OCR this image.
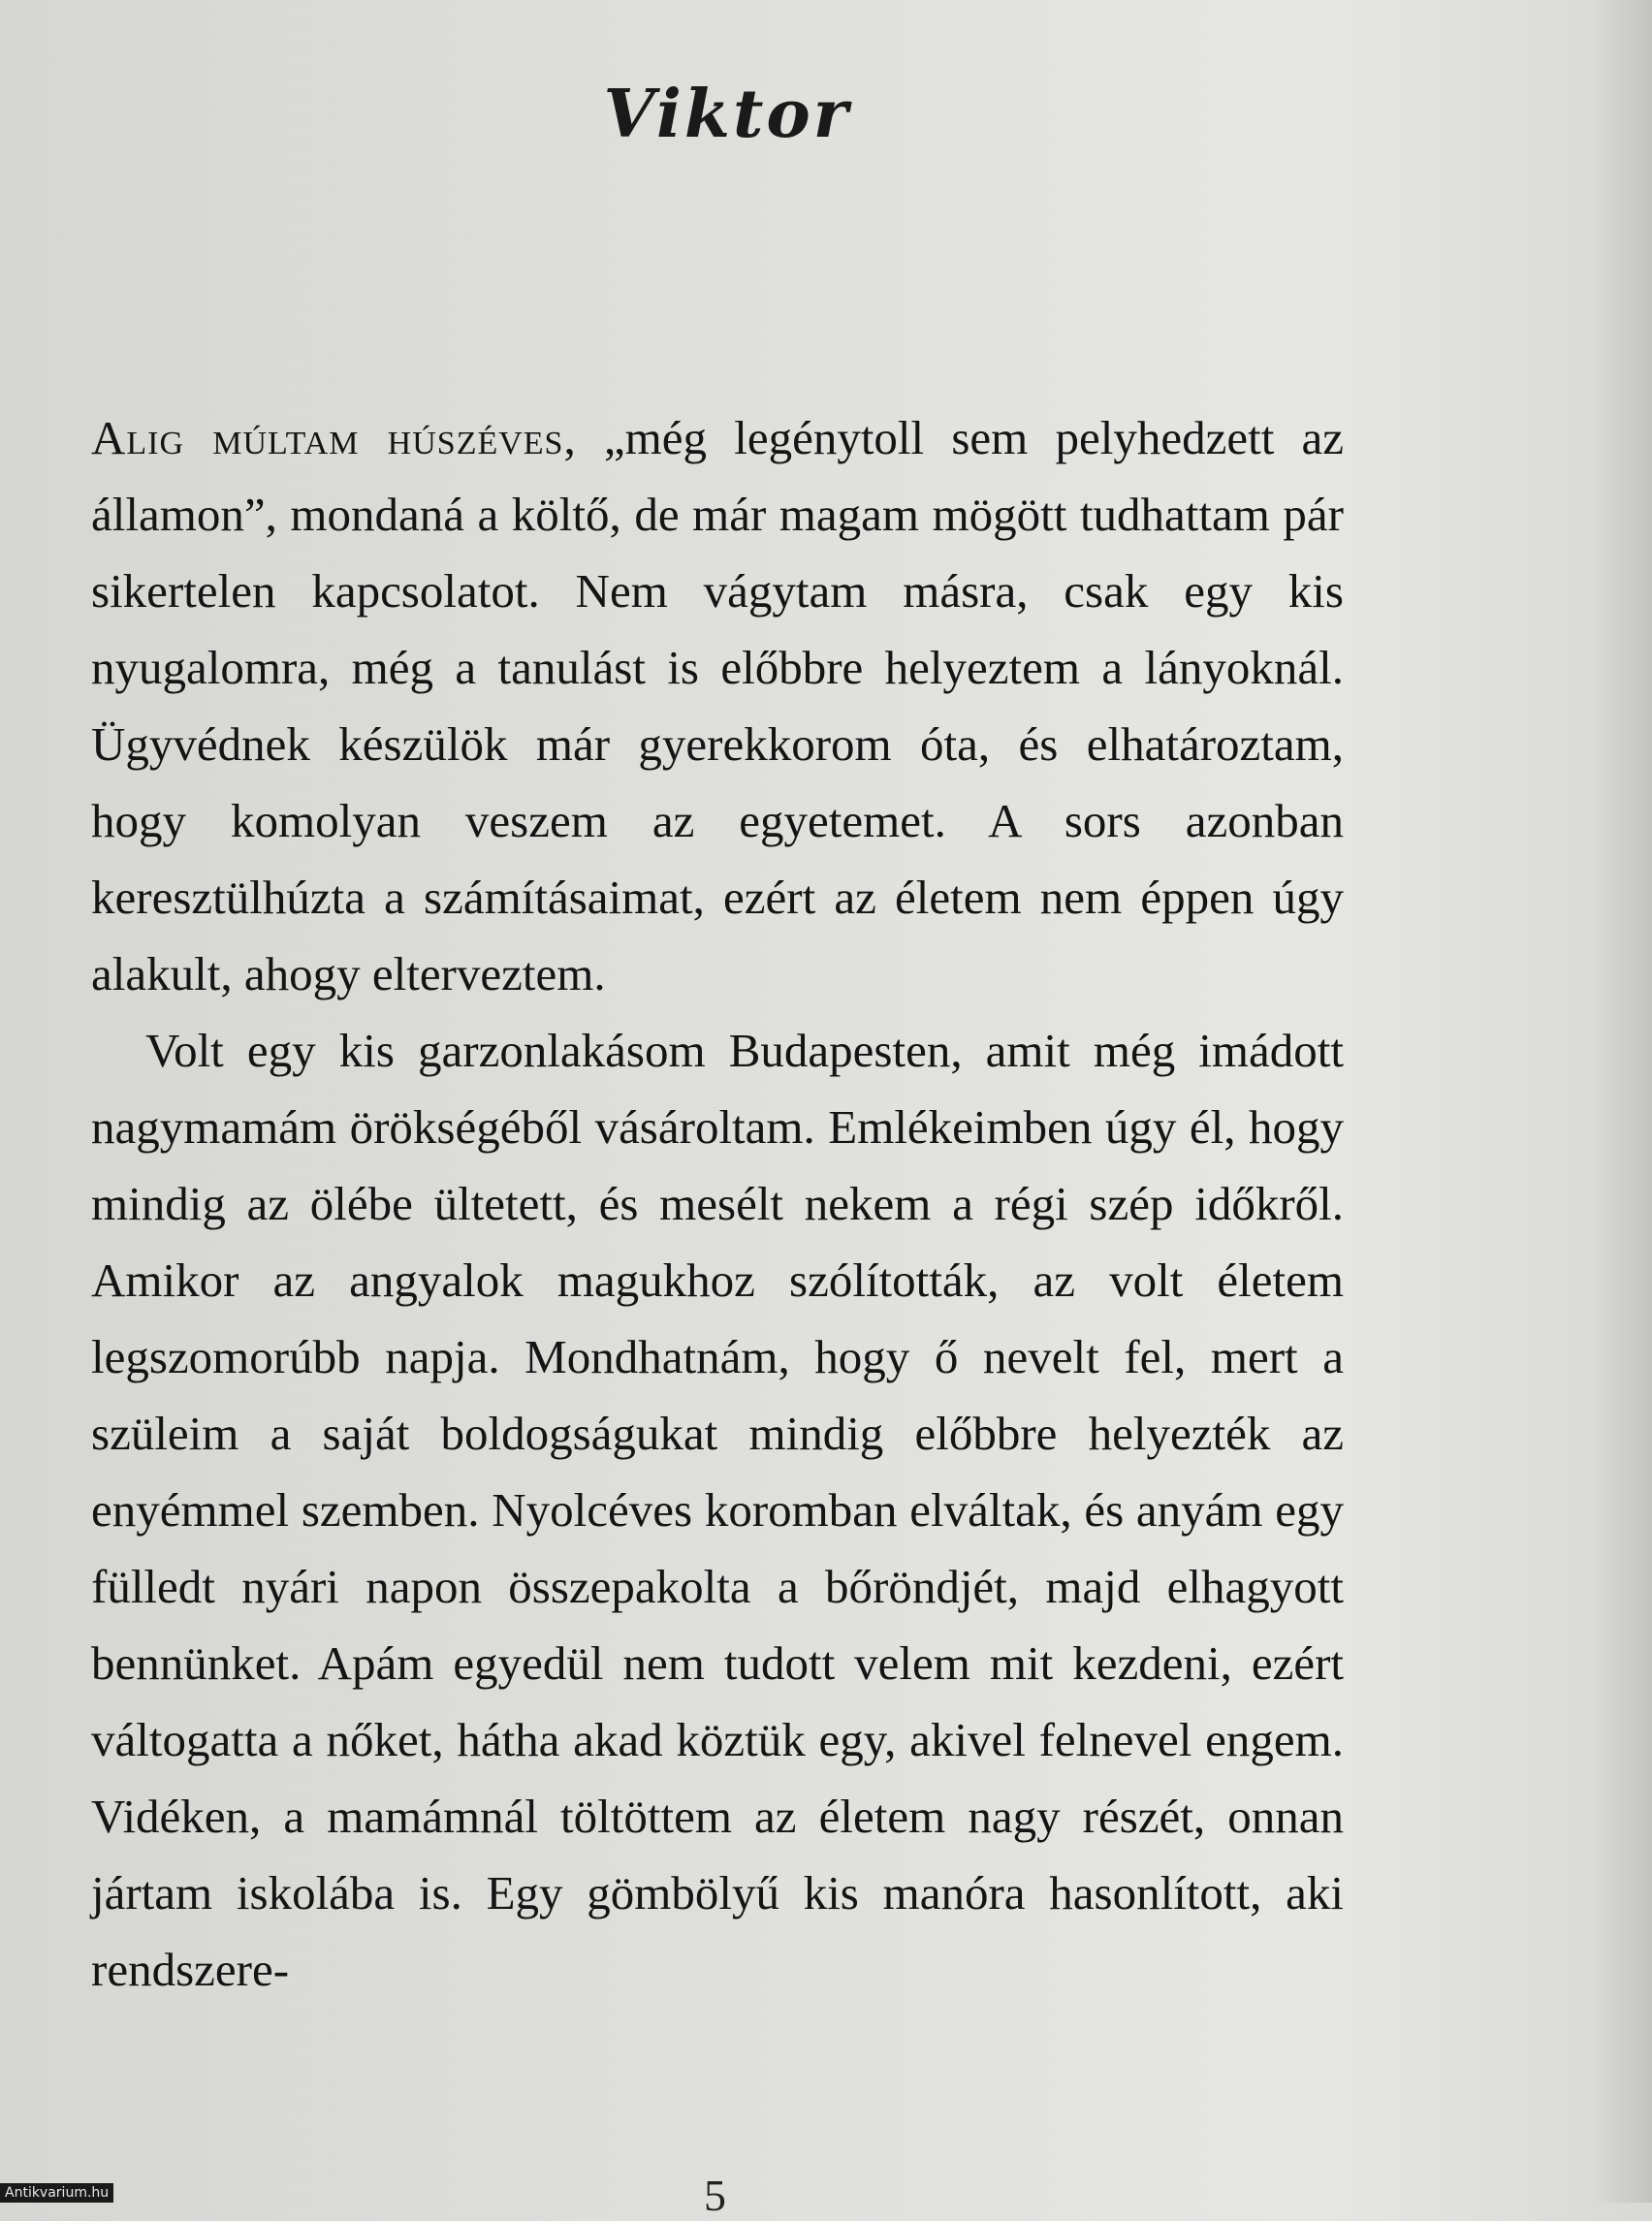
Viktor

Alig múltam húszéves, „még legénytoll sem pelyhedzett az államon”, mondaná a költő, de már magam mögött tudhattam pár sikertelen kapcsolatot. Nem vágytam másra, csak egy kis nyugalomra, még a tanulást is előbbre helyeztem a lányoknál. Ügyvédnek készülök már gyerekkorom óta, és elhatároztam, hogy komolyan veszem az egyetemet. A sors azonban keresztülhúzta a számításaimat, ezért az életem nem éppen úgy alakult, ahogy elterveztem.

Volt egy kis garzonlakásom Budapesten, amit még imádott nagymamám örökségéből vásároltam. Emlékeimben úgy él, hogy mindig az ölébe ültetett, és mesélt nekem a régi szép időkről. Amikor az angyalok magukhoz szólították, az volt életem legszomorúbb napja. Mondhatnám, hogy ő nevelt fel, mert a szüleim a saját boldogságukat mindig előbbre helyezték az enyémmel szemben. Nyolcéves koromban elváltak, és anyám egy fülledt nyári napon összepakolta a bőröndjét, majd elhagyott bennünket. Apám egyedül nem tudott velem mit kezdeni, ezért váltogatta a nőket, hátha akad köztük egy, akivel felnevel engem. Vidéken, a mamámnál töltöttem az életem nagy részét, onnan jártam iskolába is. Egy gömbölyű kis manóra hasonlított, aki rendszere-

5
Antikvarium.hu
